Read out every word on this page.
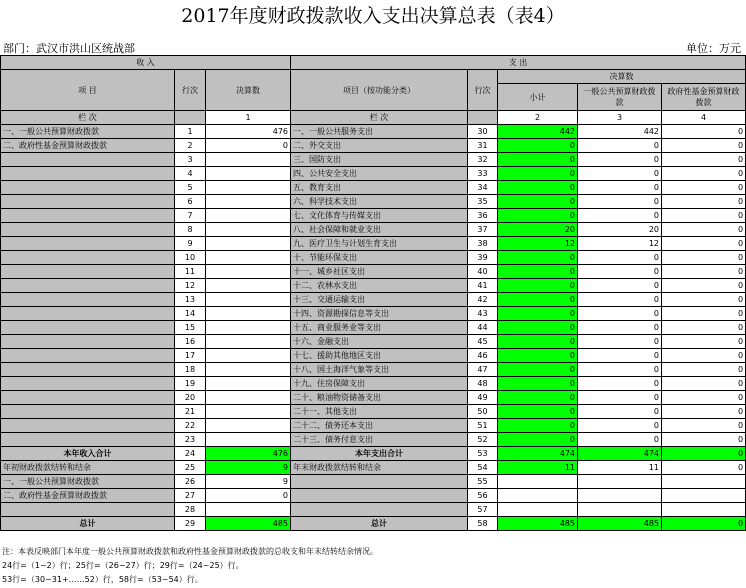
2017年度财政拨款收入支出决算总表（表4）
部门：武汉市洪山区统战部	单位：万元
收 入			支 出				
项 目	行次	决算数	项目（按功能分类）	行次	决算数		
					小计	一般公共预算财政拨款	政府性基金预算财政拨款
栏 次		1	栏 次		2	3	4
一、一般公共预算财政拨款	1	476	一、一般公共服务支出	30	442	442	0
二、政府性基金预算财政拨款	2	0	二、外交支出	31	0	0	0
	3		三、国防支出	32	0	0	0
	4		四、公共安全支出	33	0	0	0
	5		五、教育支出	34	0	0	0
	6		六、科学技术支出	35	0	0	0
	7		七、文化体育与传媒支出	36	0	0	0
	8		八、社会保障和就业支出	37	20	20	0
	9		九、医疗卫生与计划生育支出	38	12	12	0
	10		十、节能环保支出	39	0	0	0
	11		十一、城乡社区支出	40	0	0	0
	12		十二、农林水支出	41	0	0	0
	13		十三、交通运输支出	42	0	0	0
	14		十四、资源勘探信息等支出	43	0	0	0
	15		十五、商业服务业等支出	44	0	0	0
	16		十六、金融支出	45	0	0	0
	17		十七、援助其他地区支出	46	0	0	0
	18		十八、国土海洋气象等支出	47	0	0	0
	19		十九、住房保障支出	48	0	0	0
	20		二十、粮油物资储备支出	49	0	0	0
	21		二十一、其他支出	50	0	0	0
	22		二十二、债务还本支出	51	0	0	0
	23		二十三、债务付息支出	52	0	0	0
本年收入合计	24	476	本年支出合计	53	474	474	0
年初财政拨款结转和结余	25	9	年末财政拨款结转和结余	54	11	11	0
一、一般公共预算财政拨款	26	9		55			
二、政府性基金预算财政拨款	27	0		56			
	28			57			
总计	29	485	总计	58	485	485	0
注：本表反映部门本年度一般公共预算财政拨款和政府性基金预算财政拨款的总收支和年末结转结余情况。
24行=（1~2）行；25行=（26~27）行；29行=（24~25）行。
53行=（30~31+……52）行，58行=（53~54）行。
